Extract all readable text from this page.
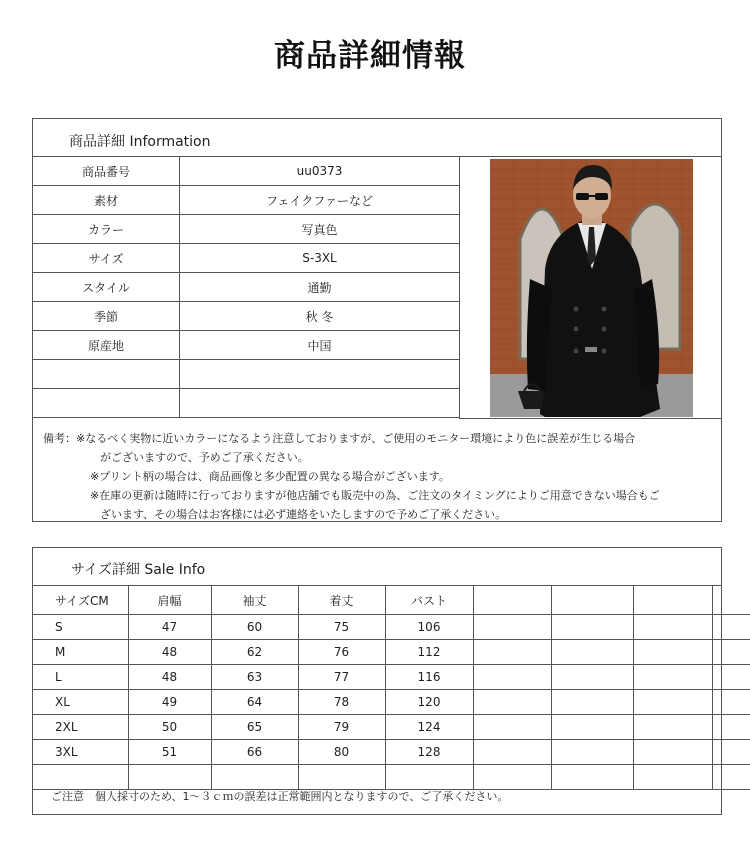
商品詳細情報
商品詳細 Information
商品番号	uu0373
素材	フェイクファーなど
カラー	写真色
サイズ	S-3XL
スタイル	通勤
季節	秋 冬
原産地	中国

備考：※なるべく実物に近いカラーになるよう注意しておりますが、ご使用のモニター環境により色に誤差が生じる場合
がございますので、予めご了承ください。
※プリント柄の場合は、商品画像と多少配置の異なる場合がございます。
※在庫の更新は随時に行っておりますが他店舗でも販売中の為、ご注文のタイミングによりご用意できない場合もご
ざいます、その場合はお客様には必ず連絡をいたしますので予めご了承ください。
サイズ詳細 Sale Info
サイズCM	肩幅	袖丈	着丈	バスト				
S	47	60	75	106				
M	48	62	76	112				
L	48	63	77	116				
XL	49	64	78	120				
2XL	50	65	79	124				
3XL	51	66	80	128				

ご注意　個人採寸のため、1～３ｃｍの誤差は正常範囲内となりますので、ご了承ください。
